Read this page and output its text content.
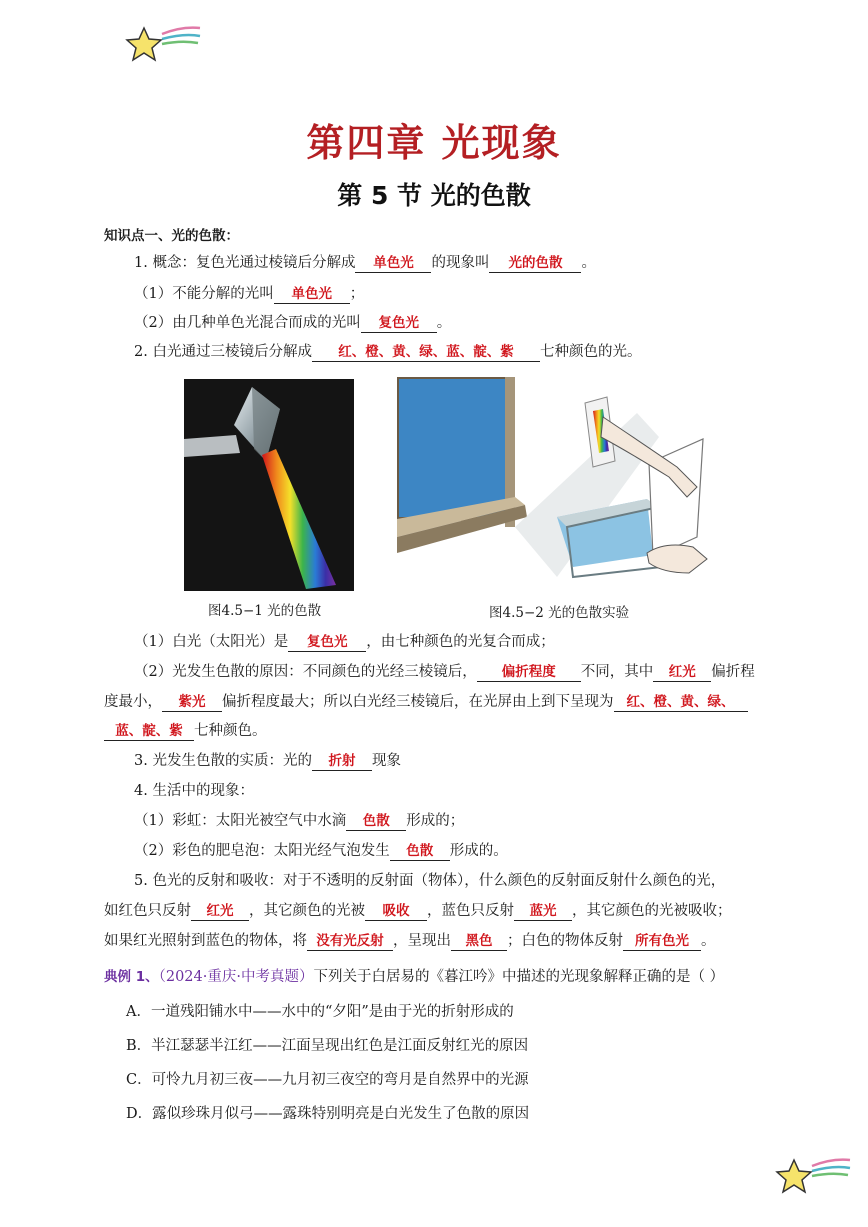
第四章 光现象
第 5 节 光的色散
知识点一、光的色散：
1. 概念：复色光通过棱镜后分解成 单色光 的现象叫 光的色散 。
（1）不能分解的光叫 单色光 ；
（2）由几种单色光混合而成的光叫 复色光 。
2. 白光通过三棱镜后分解成 红、橙、黄、绿、蓝、靛、紫 七种颜色的光。
图4.5−1 光的色散	图4.5−2 光的色散实验
（1）白光（太阳光）是 复色光 ，由七种颜色的光复合而成；
（2）光发生色散的原因：不同颜色的光经三棱镜后， 偏折程度 不同，其中 红光 偏折程
度最小， 紫光 偏折程度最大；所以白光经三棱镜后，在光屏由上到下呈现为 红、橙、黄、绿、
蓝、靛、紫 七种颜色。
3. 光发生色散的实质：光的 折射 现象
4. 生活中的现象：
（1）彩虹：太阳光被空气中水滴 色散 形成的；
（2）彩色的肥皂泡：太阳光经气泡发生 色散 形成的。
5. 色光的反射和吸收：对于不透明的反射面（物体），什么颜色的反射面反射什么颜色的光，
如红色只反射 红光 ，其它颜色的光被 吸收 ，蓝色只反射 蓝光 ，其它颜色的光被吸收；
如果红光照射到蓝色的物体，将 没有光反射 ，呈现出 黑色 ；白色的物体反射 所有色光 。
典例 1、（2024·重庆·中考真题）下列关于白居易的《暮江吟》中描述的光现象解释正确的是（ ）
A．一道残阳铺水中——水中的“夕阳”是由于光的折射形成的
B．半江瑟瑟半江红——江面呈现出红色是江面反射红光的原因
C．可怜九月初三夜——九月初三夜空的弯月是自然界中的光源
D．露似珍珠月似弓——露珠特别明亮是白光发生了色散的原因
